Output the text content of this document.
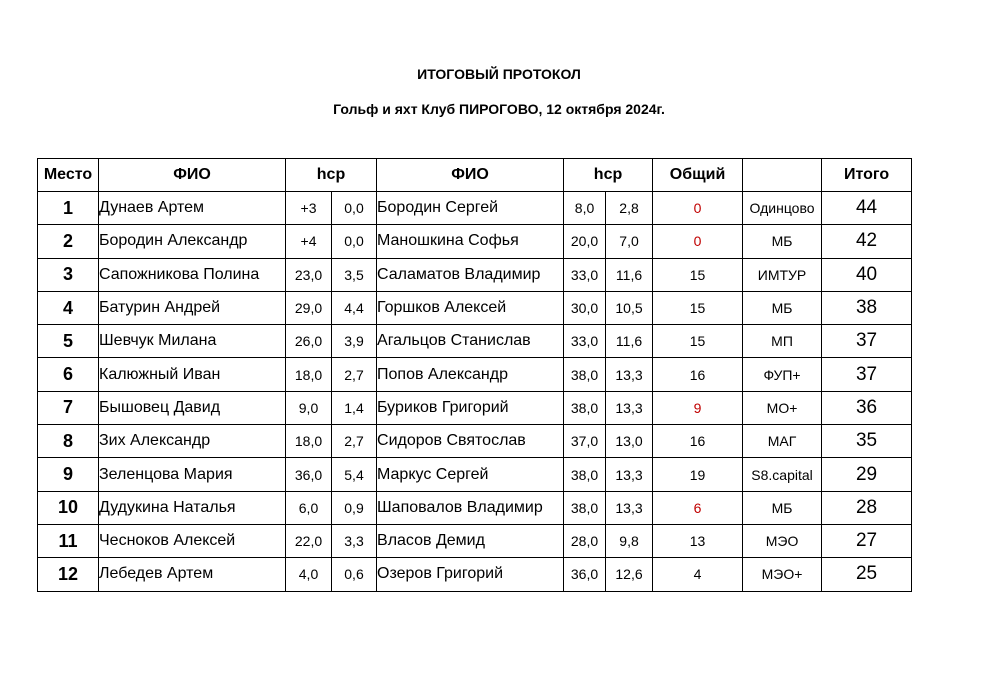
ИТОГОВЫЙ ПРОТОКОЛ
Гольф и яхт Клуб ПИРОГОВО, 12 октября 2024г.
Место	ФИО	hcp		ФИО	hcp		Общий		Итого
1	Дунаев Артем	+3	0,0	Бородин Сергей	8,0	2,8	0	Одинцово	44
2	Бородин Александр	+4	0,0	Маношкина Софья	20,0	7,0	0	МБ	42
3	Сапожникова Полина	23,0	3,5	Саламатов Владимир	33,0	11,6	15	ИМТУР	40
4	Батурин Андрей	29,0	4,4	Горшков Алексей	30,0	10,5	15	МБ	38
5	Шевчук Милана	26,0	3,9	Агальцов Станислав	33,0	11,6	15	МП	37
6	Калюжный Иван	18,0	2,7	Попов Александр	38,0	13,3	16	ФУП+	37
7	Бышовец Давид	9,0	1,4	Буриков Григорий	38,0	13,3	9	МО+	36
8	Зих Александр	18,0	2,7	Сидоров Святослав	37,0	13,0	16	МАГ	35
9	Зеленцова Мария	36,0	5,4	Маркус Сергей	38,0	13,3	19	S8.capital	29
10	Дудукина Наталья	6,0	0,9	Шаповалов Владимир	38,0	13,3	6	МБ	28
11	Чесноков Алексей	22,0	3,3	Власов Демид	28,0	9,8	13	МЭО	27
12	Лебедев Артем	4,0	0,6	Озеров Григорий	36,0	12,6	4	МЭО+	25
